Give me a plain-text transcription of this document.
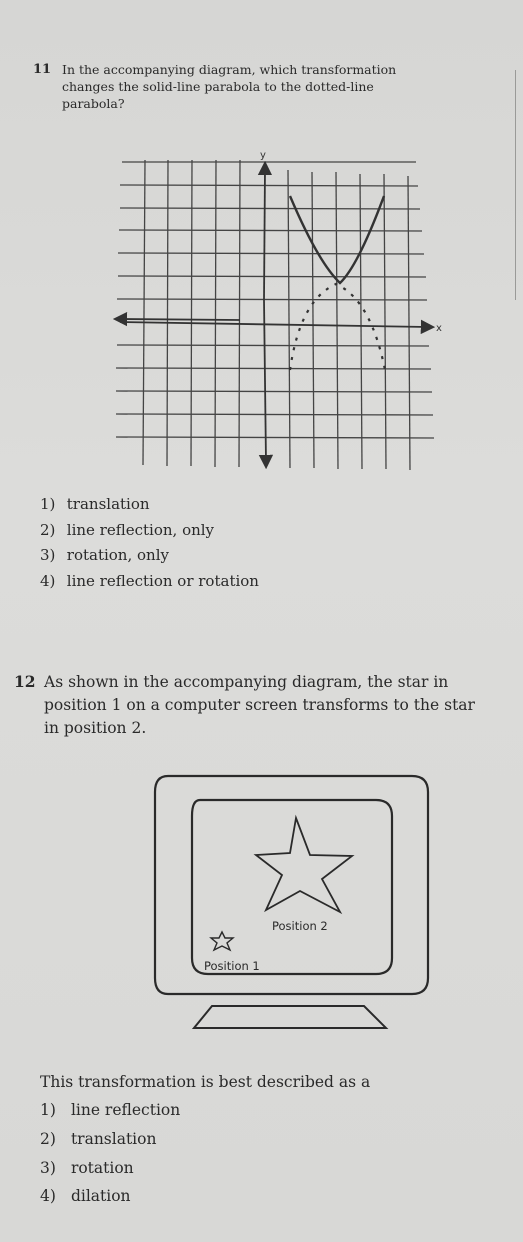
11 In the accompanying diagram, which transformation
changes the solid-line parabola to the dotted-line
parabola?
x
y
1) translation
2) line reflection, only
3) rotation, only
4) line reflection or rotation
12 As shown in the accompanying diagram, the star in
position 1 on a computer screen transforms to the star
in position 2.
Position 2
Position 1
This transformation is best described as a
1) line reflection
2) translation
3) rotation
4) dilation
